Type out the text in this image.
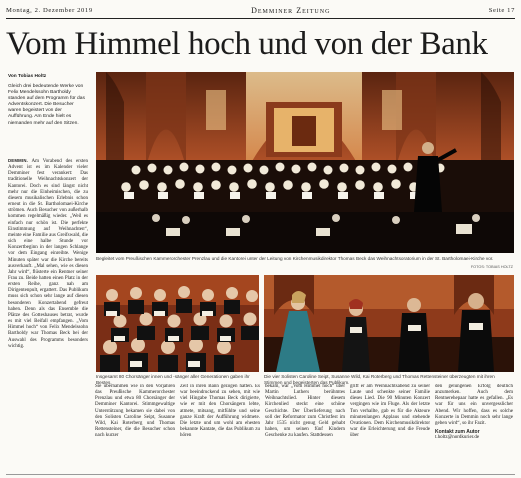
Montag, 2. Dezember 2019	Demminer Zeitung	Seite 17
Vom Himmel hoch und von der Bank
Von Tobias Holtz
Gleich drei bedeutende Werke von Felix Mendelssohn Bartholdy standen auf dem Programm für das Adventskonzert. Die Besucher waren begeistert von der Aufführung. Am Ende hielt es niemanden mehr auf den Sitzen.
DEMMIN. Am Vorabend des ersten Advent ist es im Kalender vieler Demminer fest verankert: Das traditionelle Weihnachtskonzert der Kantorei. Doch es sind längst nicht mehr nur die Einheimischen, die zu diesem musikalischen Erlebnis schon erneut in die St. Bartholomaei-Kirche strömen. Auch Besucher von außerhalb kommen regelmäßig wieder. „Weil es einfach nur schön ist. Die perfekte Einstimmung auf Weihnachten“, meinte eine Familie aus Greifswald, die sich eine halbe Stunde vor Konzertbeginn in der langen Schlange vor dem Eingang einreihte. Wenige Minuten später war die Kirche bereits ausverkauft. „Mal sehen, wie es diesen Jahr wird“, flüsterte ein Rentner seiner Frau zu. Beide hatten einen Platz in der ersten Reihe, ganz nah am Dirigentenpult, ergattert. Das Publikum muss sich schon sehr lange auf diesen besonderen Konzertabend gefreut haben. Denn als das Ensemble die Plätze des Gotteshauses betrat, wurde es mit viel Beifall empfangen. „Vom Himmel hoch“ von Felix Mendelssohn Bartholdy war Thomas Beck bei der Auswahl des Programms besonders wichtig.
Begleitet vom Preußischen Kammerorchester Prenzlau und die Kantorei unter der Leitung von Kirchenmusikdirektor Thomas Beck das Weihnachtsoratorium in der St. Bartholomaei-Kirche vor.
FOTOS: TOBIAS HOLTZ
Insgesamt 80 Chorsänger innen und -sänger aller Generationen gaben ihr Bestes.
Die vier Solisten Caroline Seipt, Susanne Wild, Kai Roterberg und Thomas Rettensteiner überzeugten mit ihren Stimmen und begeisterten das Publikum.
Sie übernahmen wie in den Vorjahren das Preußische Kammerorchester Prenzlau und etwa 80 Chorsänger der Demminer Kantorei. Stimmgewaltige Unterstützung bekamen sie dabei von den Solisten Caroline Seipt, Susanne Wild, Kai Roterberg und Thomas Rettensteiner, die die Besucher schon nach kurzer
Zeit in ihren Bann gezogen hatten. Es war beeindruckend zu sehen, mit wie viel Hingabe Thomas Beck dirigierte, wie er mit den Chorsängern lebte, atmete, mitsang, mitfühlte und seine ganze Kraft der Aufführung widmete. Die letzte und um wohl am ehesten bekannte Kantate, die das Publikum zu hören
bekam, war „Vom Himmel hoch“ über Martin Luthers berühmtes Weihnachtslied. Hinter diesem Kirchenlied steckt eine schöne Geschichte. Der Überlieferung nach soll der Reformator zum Christfest im Jahr 1535 nicht genug Geld gehabt haben, um seinen fünf Kindern Geschenke zu kaufen. Stattdessen
griff er am Weihnachtsabend zu seiner Laute und schenkte seiner Familie dieses Lied. Die 90 Minuten Konzert vergingen wie im Fluge. Als der letzte Ton verhallte, gab es für die Akteure minutenlangen Applaus und stehende Ovationen. Dem Kirchenmusikdirektor war die Erleichterung und die Freude über
den gelungenen Erfolg deutlich anzumerken. Auch dem Rentnerehepaar hatte es gefallen. „Es war für uns ein unvergesslicher Abend. Wir hoffen, dass es solche Konzerte in Demmin noch sehr lange geben wird“, so ihr Fazit.
Kontakt zum Autor
t.holtz@nordkurier.de
